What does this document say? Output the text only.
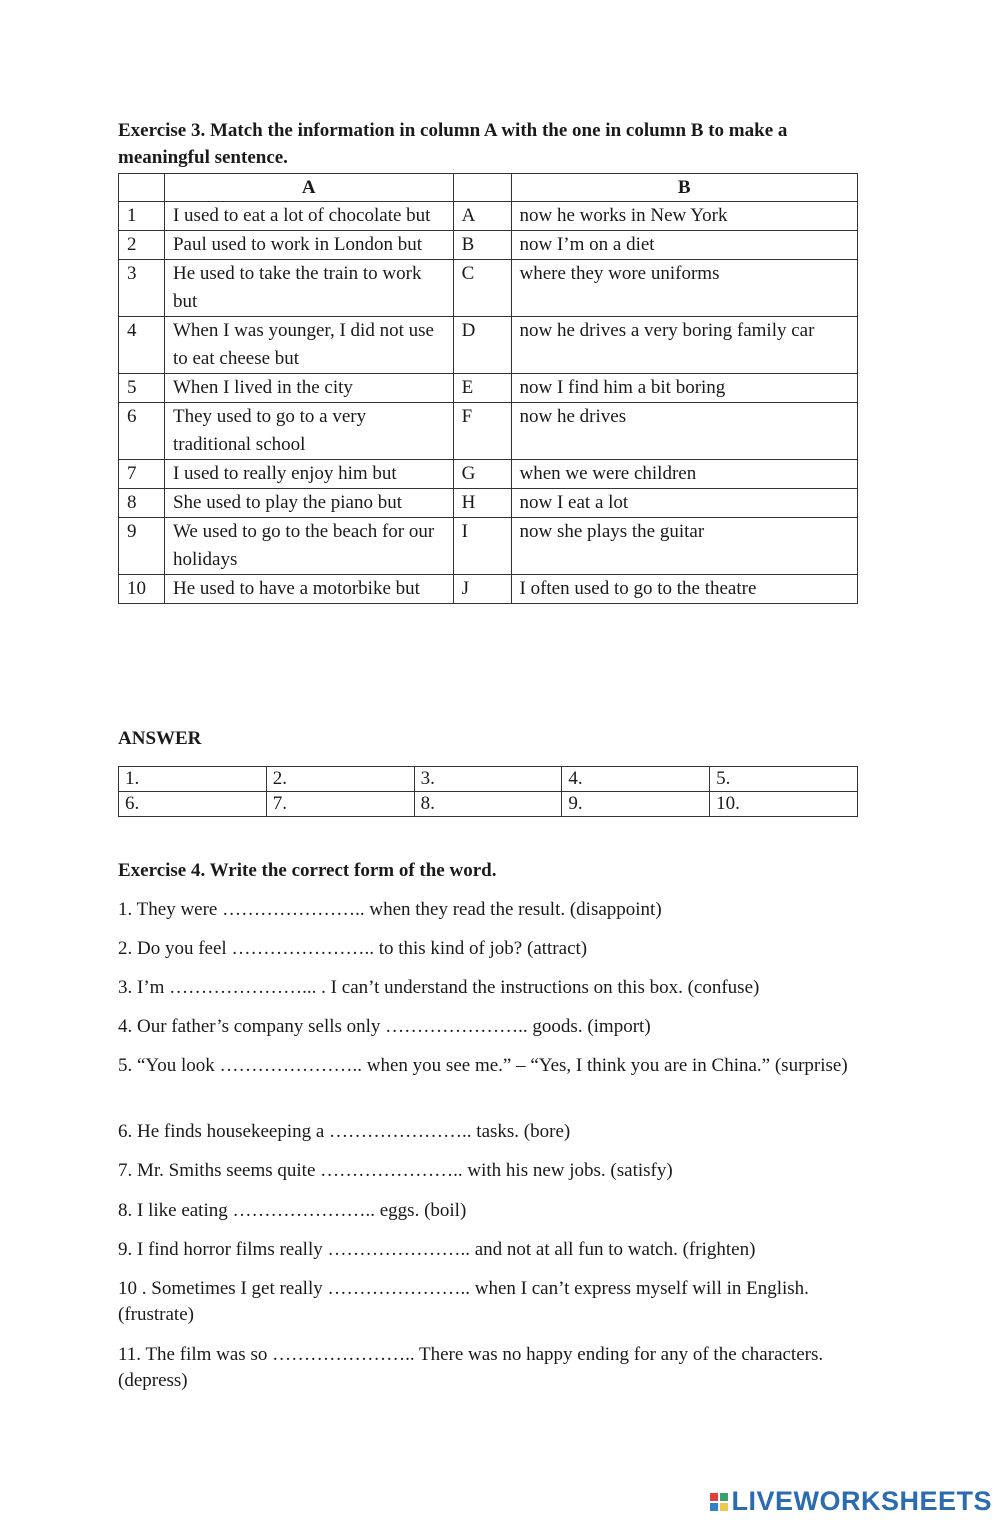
Exercise 3. Match the information in column A with the one in column B to make a meaningful sentence.
	A		B
1	I used to eat a lot of chocolate but	A	now he works in New York
2	Paul used to work in London but	B	now I’m on a diet
3	He used to take the train to work but	C	where they wore uniforms
4	When I was younger, I did not use to eat cheese but	D	now he drives a very boring family car
5	When I lived in the city	E	now I find him a bit boring
6	They used to go to a very traditional school	F	now he drives
7	I used to really enjoy him but	G	when we were children
8	She used to play the piano but	H	now I eat a lot
9	We used to go to the beach for our holidays	I	now she plays the guitar
10	He used to have a motorbike but	J	I often used to go to the theatre
ANSWER
1.	2.	3.	4.	5.
6.	7.	8.	9.	10.
Exercise 4. Write the correct form of the word.
1. They were ………………….. when they read the result. (disappoint)
2. Do you feel ………………….. to this kind of job? (attract)
3. I’m …………………... . I can’t understand the instructions on this box. (confuse)
4. Our father’s company sells only ………………….. goods. (import)
5. “You look ………………….. when you see me.” – “Yes, I think you are in China.” (surprise)
6. He finds housekeeping a ………………….. tasks. (bore)
7. Mr. Smiths seems quite ………………….. with his new jobs. (satisfy)
8. I like eating ………………….. eggs. (boil)
9. I find horror films really ………………….. and not at all fun to watch. (frighten)
10 . Sometimes I get really ………………….. when I can’t express myself will in English. (frustrate)
11. The film was so ………………….. There was no happy ending for any of the characters. (depress)
LIVEWORKSHEETS
